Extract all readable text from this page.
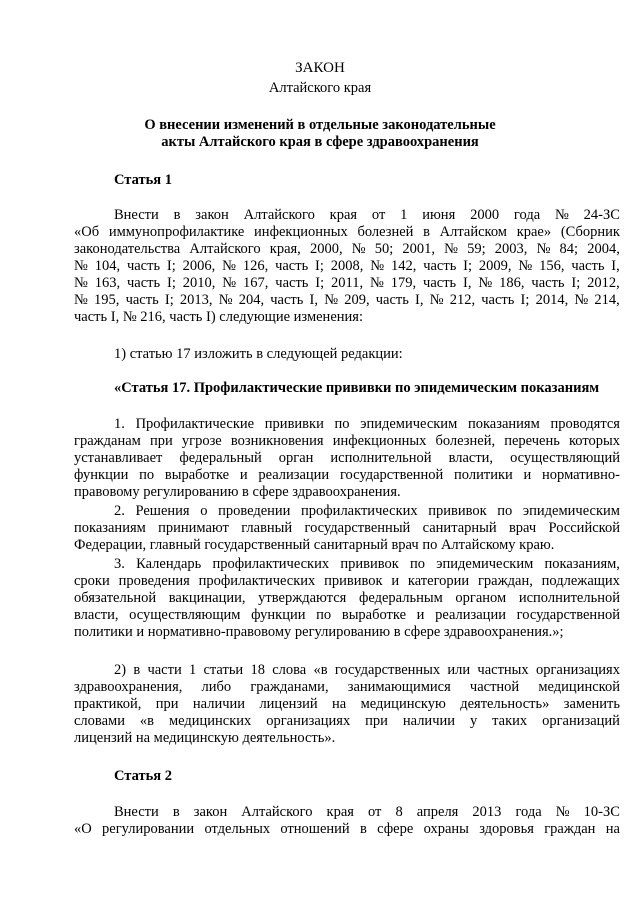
ЗАКОН
Алтайского края
О внесении изменений в отдельные законодательные
акты Алтайского края в сфере здравоохранения
Статья 1
Внести в закон Алтайского края от 1 июня 2000 года № 24-ЗС
«Об иммунопрофилактике инфекционных болезней в Алтайском крае» (Сборник
законодательства Алтайского края, 2000, № 50; 2001, № 59; 2003, № 84; 2004,
№ 104, часть I; 2006, № 126, часть I; 2008, № 142, часть I; 2009, № 156, часть I,
№ 163, часть I; 2010, № 167, часть I; 2011, № 179, часть I, № 186, часть I; 2012,
№ 195, часть I; 2013, № 204, часть I, № 209, часть I, № 212, часть I; 2014, № 214,
часть I, № 216, часть I) следующие изменения:
1) статью 17 изложить в следующей редакции:
«Статья 17. Профилактические прививки по эпидемическим показаниям
1. Профилактические прививки по эпидемическим показаниям проводятся
гражданам при угрозе возникновения инфекционных болезней, перечень которых
устанавливает федеральный орган исполнительной власти, осуществляющий
функции по выработке и реализации государственной политики и нормативно-
правовому регулированию в сфере здравоохранения.
2. Решения о проведении профилактических прививок по эпидемическим
показаниям принимают главный государственный санитарный врач Российской
Федерации, главный государственный санитарный врач по Алтайскому краю.
3. Календарь профилактических прививок по эпидемическим показаниям,
сроки проведения профилактических прививок и категории граждан, подлежащих
обязательной вакцинации, утверждаются федеральным органом исполнительной
власти, осуществляющим функции по выработке и реализации государственной
политики и нормативно-правовому регулированию в сфере здравоохранения.»;
2) в части 1 статьи 18 слова «в государственных или частных организациях
здравоохранения, либо гражданами, занимающимися частной медицинской
практикой, при наличии лицензий на медицинскую деятельность» заменить
словами «в медицинских организациях при наличии у таких организаций
лицензий на медицинскую деятельность».
Статья 2
Внести в закон Алтайского края от 8 апреля 2013 года № 10-ЗС
«О регулировании отдельных отношений в сфере охраны здоровья граждан на
